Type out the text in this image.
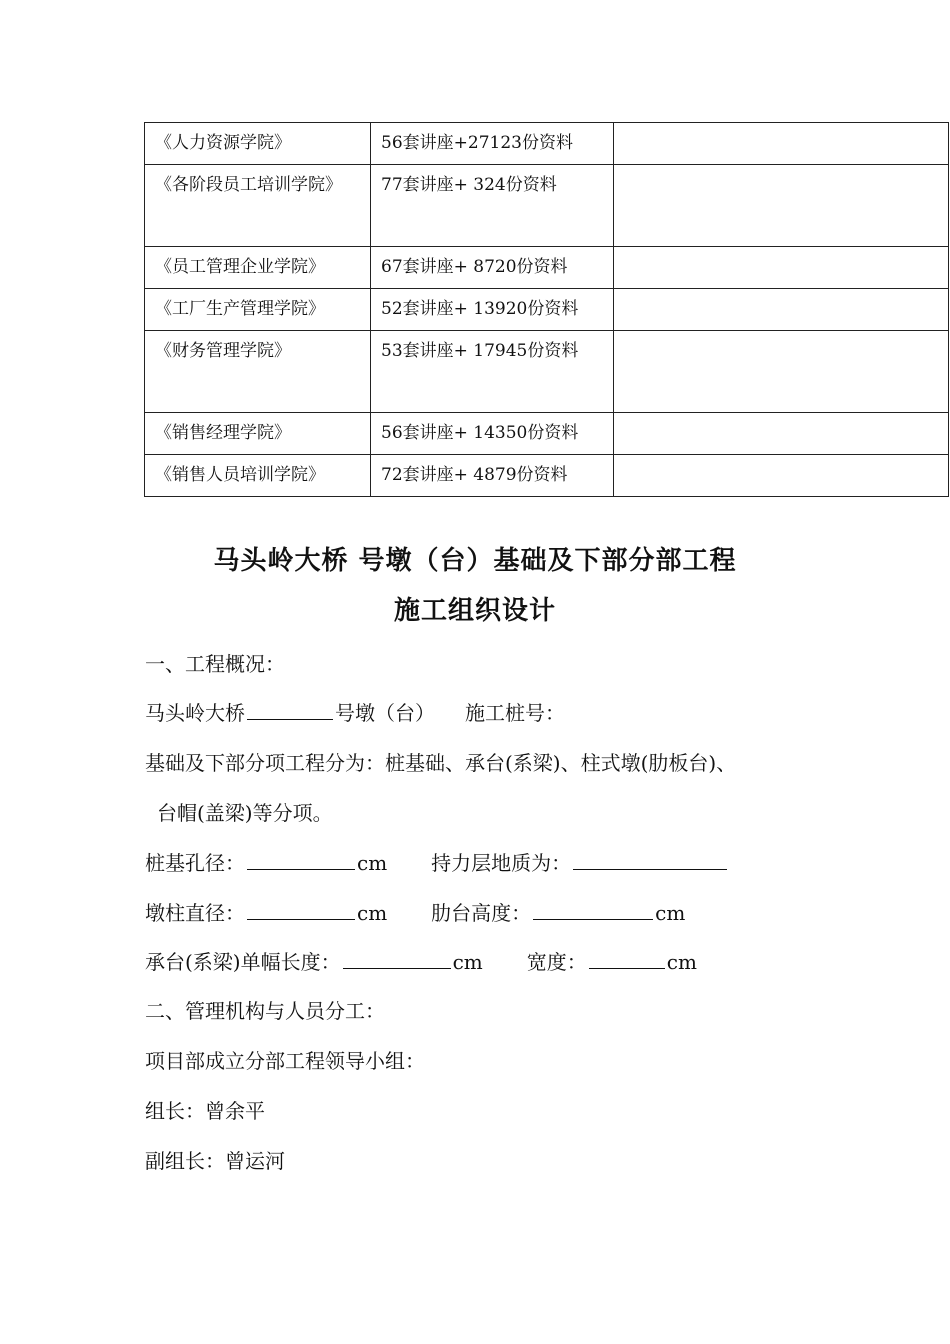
《人力资源学院》	56套讲座+27123份资料	

《各阶段员工培训学院》	77套讲座+ 324份资料	

《员工管理企业学院》	67套讲座+ 8720份资料	

《工厂生产管理学院》	52套讲座+ 13920份资料	

《财务管理学院》	53套讲座+ 17945份资料	

《销售经理学院》	56套讲座+ 14350份资料	

《销售人员培训学院》	72套讲座+ 4879份资料	

马头岭大桥 号墩（台）基础及下部分部工程
施工组织设计
一、工程概况：
马头岭大桥	号墩（台） 施工桩号：
基础及下部分项工程分为：桩基础、承台(系梁)、柱式墩(肋板台)、
台帽(盖梁)等分项。
桩基孔径：	cm 持力层地质为：
墩柱直径：	cm 肋台高度：	cm
承台(系梁)单幅长度：	cm 宽度：	cm
二、管理机构与人员分工：
项目部成立分部工程领导小组：
组长：曾余平
副组长：曾运河
